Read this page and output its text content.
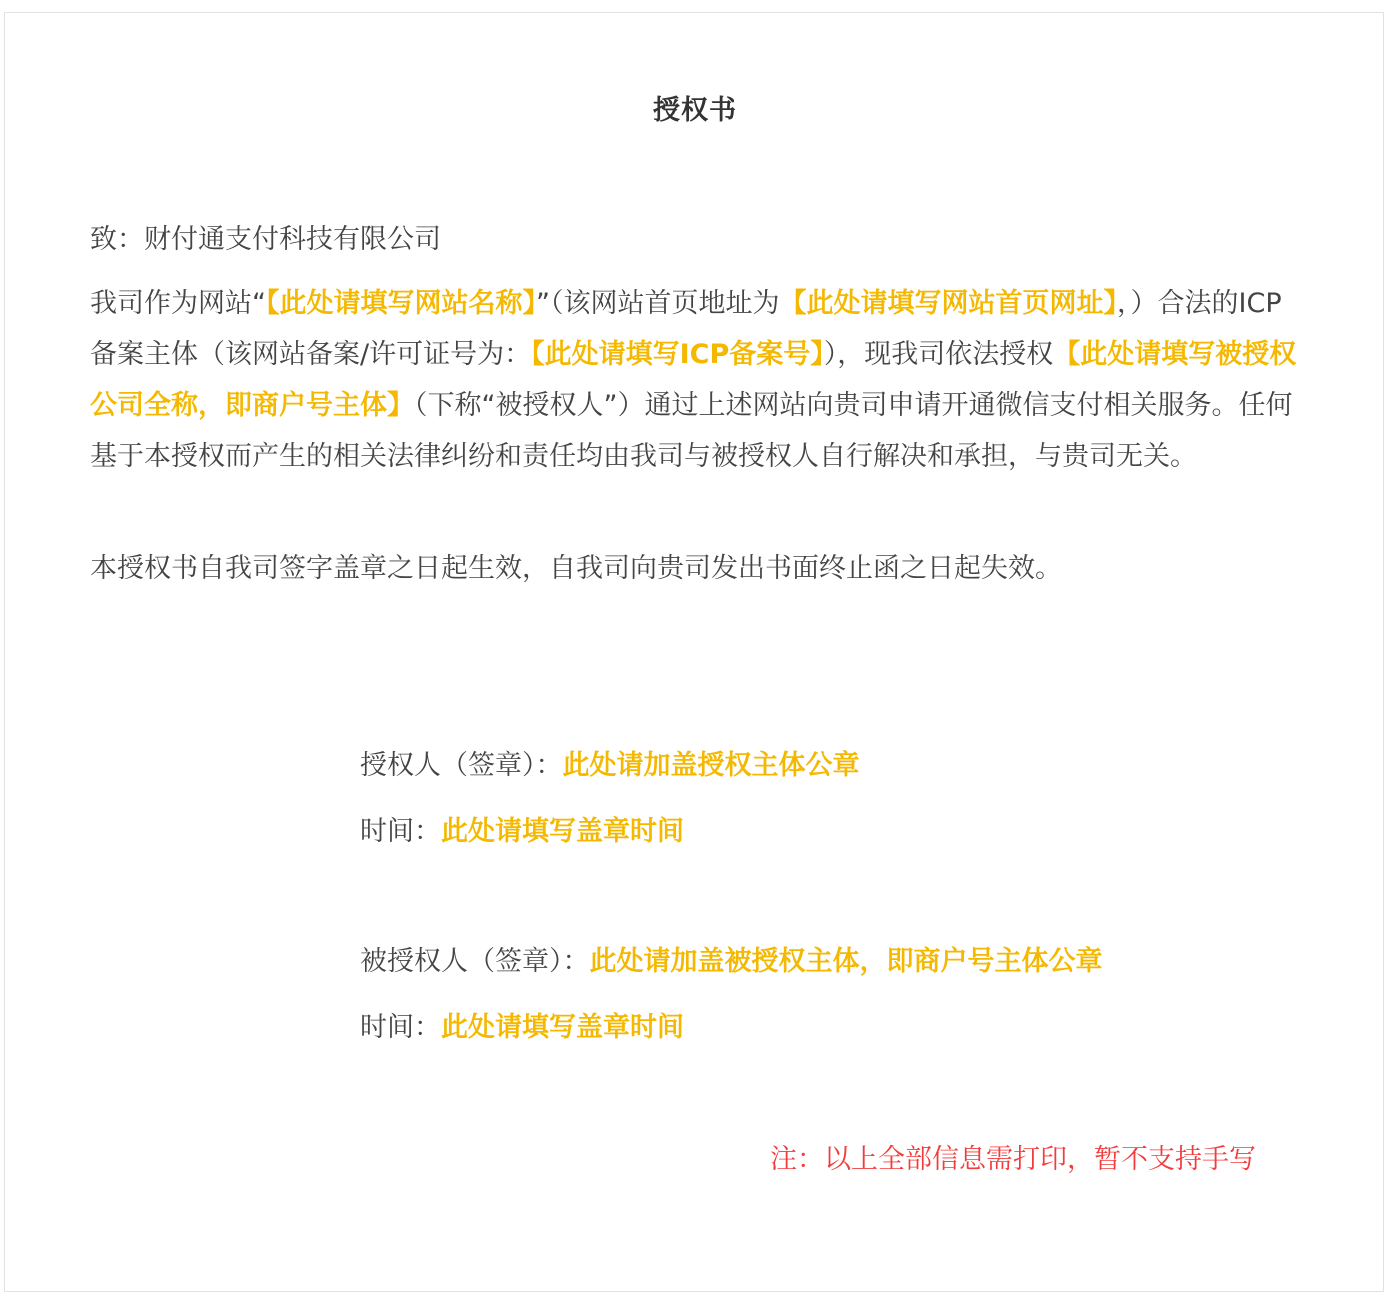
授权书

致：财付通支付科技有限公司

我司作为网站“【此处请填写网站名称】”（该网站首页地址为【此处请填写网站首页网址】，）合法的ICP备案主体（该网站备案/许可证号为：【此处请填写ICP备案号】），现我司依法授权【此处请填写被授权公司全称，即商户号主体】（下称“被授权人”）通过上述网站向贵司申请开通微信支付相关服务。任何基于本授权而产生的相关法律纠纷和责任均由我司与被授权人自行解决和承担，与贵司无关。

本授权书自我司签字盖章之日起生效，自我司向贵司发出书面终止函之日起失效。

授权人（签章）：此处请加盖授权主体公章
时间：此处请填写盖章时间
被授权人（签章）：此处请加盖被授权主体，即商户号主体公章
时间：此处请填写盖章时间
注：以上全部信息需打印，暂不支持手写
